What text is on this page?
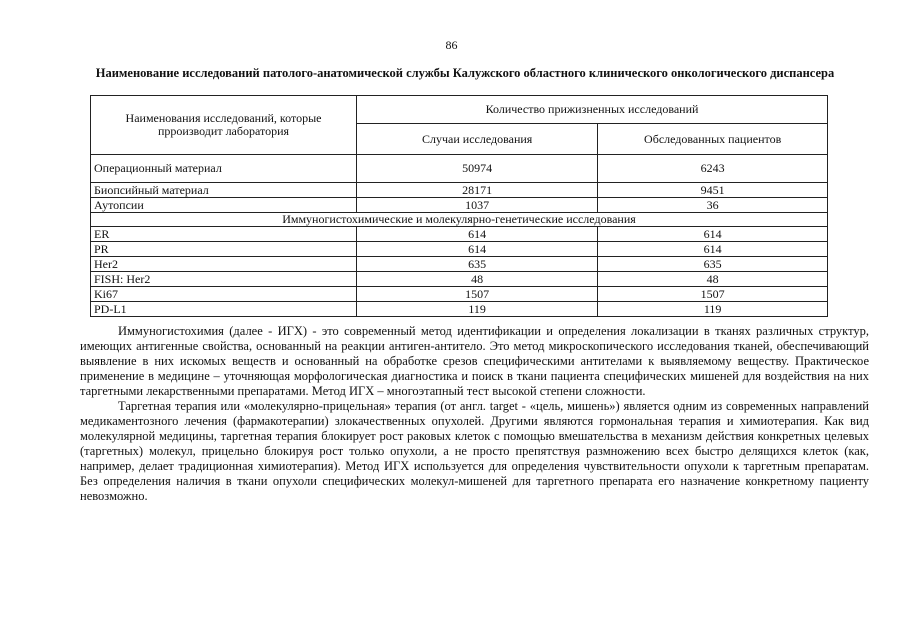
86
Наименование исследований патолого-анатомической службы Калужского областного клинического онкологического диспансера
Наименования исследований, которые прроизводит лаборатория	Количество прижизненных исследований	
	Случаи исследования	Обследованных пациентов
Операционный материал	50974	6243
Биопсийный материал	28171	9451
Аутопсии	1037	36
Иммуногистохимические и молекулярно-генетические исследования		
ER	614	614
PR	614	614
Her2	635	635
FISH: Her2	48	48
Ki67	1507	1507
PD-L1	119	119

Иммуногистохимия (далее - ИГХ) - это современный метод идентификации и определения локализации в тканях различных структур, имеющих антигенные свойства, основанный на реакции антиген-антитело. Это метод микроскопического исследования тканей, обеспечивающий выявление в них искомых веществ и основанный на обработке срезов специфическими антителами к выявляемому веществу. Практическое применение в медицине – уточняющая морфологическая диагностика и поиск в ткани пациента специфических мишеней для воздействия на них таргетными лекарственными препаратами. Метод ИГХ – многоэтапный тест высокой степени сложности.

Таргетная терапия или «молекулярно-прицельная» терапия (от англ. target - «цель, мишень») является одним из современных направлений медикаментозного лечения (фармакотерапии) злокачественных опухолей. Другими являются гормональная терапия и химиотерапия. Как вид молекулярной медицины, таргетная терапия блокирует рост раковых клеток с помощью вмешательства в механизм действия конкретных целевых (таргетных) молекул, прицельно блокируя рост только опухоли, а не просто препятствуя размножению всех быстро делящихся клеток (как, например, делает традиционная химиотерапия). Метод ИГХ используется для определения чувствительности опухоли к таргетным препаратам. Без определения наличия в ткани опухоли специфических молекул-мишеней для таргетного препарата его назначение конкретному пациенту невозможно.
